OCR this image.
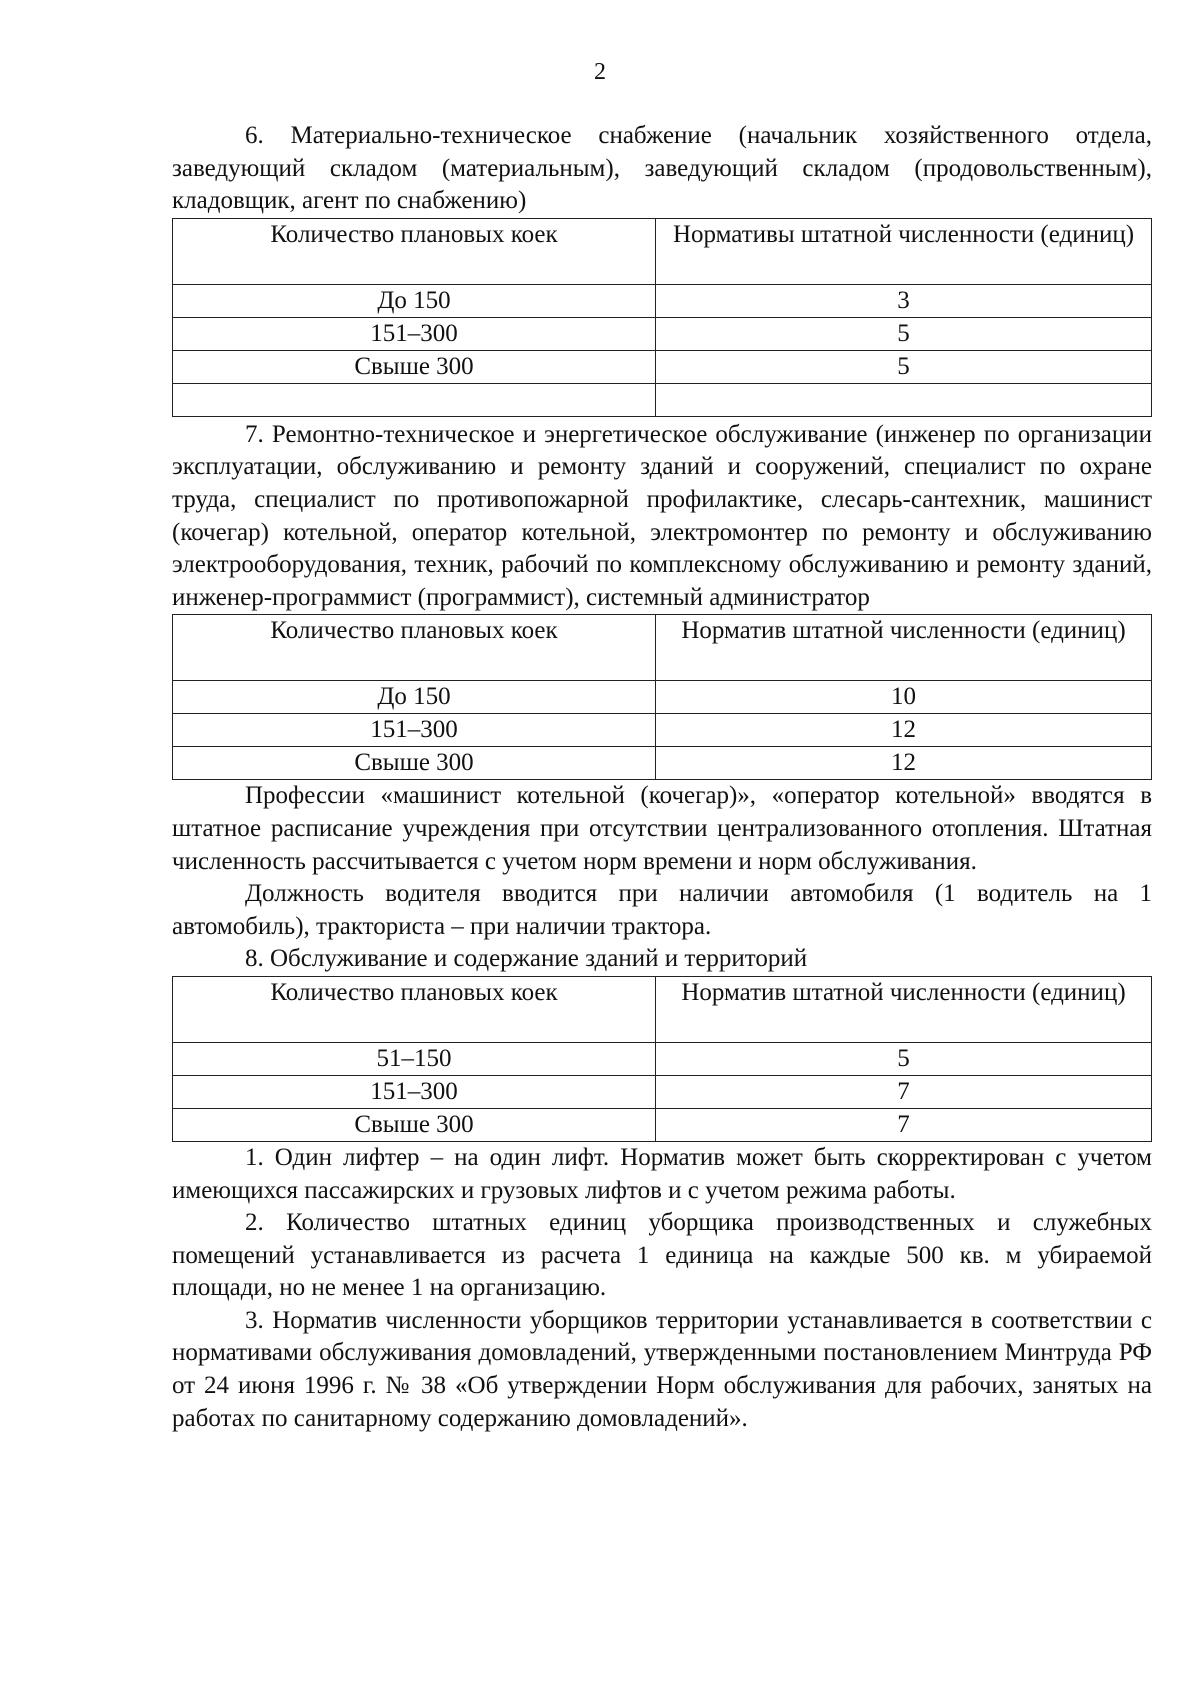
2

6. Материально-техническое снабжение (начальник хозяйственного отдела, заведующий складом (материальным), заведующий складом (продовольственным), кладовщик, агент по снабжению)

Количество плановых коек	Нормативы штатной численности (единиц)
До 150	3
151–300	5
Свыше 300	5

7. Ремонтно-техническое и энергетическое обслуживание (инженер по организации эксплуатации, обслуживанию и ремонту зданий и сооружений, специалист по охране труда, специалист по противопожарной профилактике, слесарь-сантехник, машинист (кочегар) котельной, оператор котельной, электромонтер по ремонту и обслуживанию электрооборудования, техник, рабочий по комплексному обслуживанию и ремонту зданий, инженер-программист (программист), системный администратор

Количество плановых коек	Норматив штатной численности (единиц)
До 150	10
151–300	12
Свыше 300	12

Профессии «машинист котельной (кочегар)», «оператор котельной» вводятся в штатное расписание учреждения при отсутствии централизованного отопления. Штатная численность рассчитывается с учетом норм времени и норм обслуживания.

Должность водителя вводится при наличии автомобиля (1 водитель на 1 автомобиль), тракториста – при наличии трактора.

8. Обслуживание и содержание зданий и территорий

Количество плановых коек	Норматив штатной численности (единиц)
51–150	5
151–300	7
Свыше 300	7

1. Один лифтер – на один лифт. Норматив может быть скорректирован с учетом имеющихся пассажирских и грузовых лифтов и с учетом режима работы.

2. Количество штатных единиц уборщика производственных и служебных помещений устанавливается из расчета 1 единица на каждые 500 кв. м убираемой площади, но не менее 1 на организацию.

3. Норматив численности уборщиков территории устанавливается в соответствии с нормативами обслуживания домовладений, утвержденными постановлением Минтруда РФ от 24 июня 1996 г. № 38 «Об утверждении Норм обслуживания для рабочих, занятых на работах по санитарному содержанию домовладений».
